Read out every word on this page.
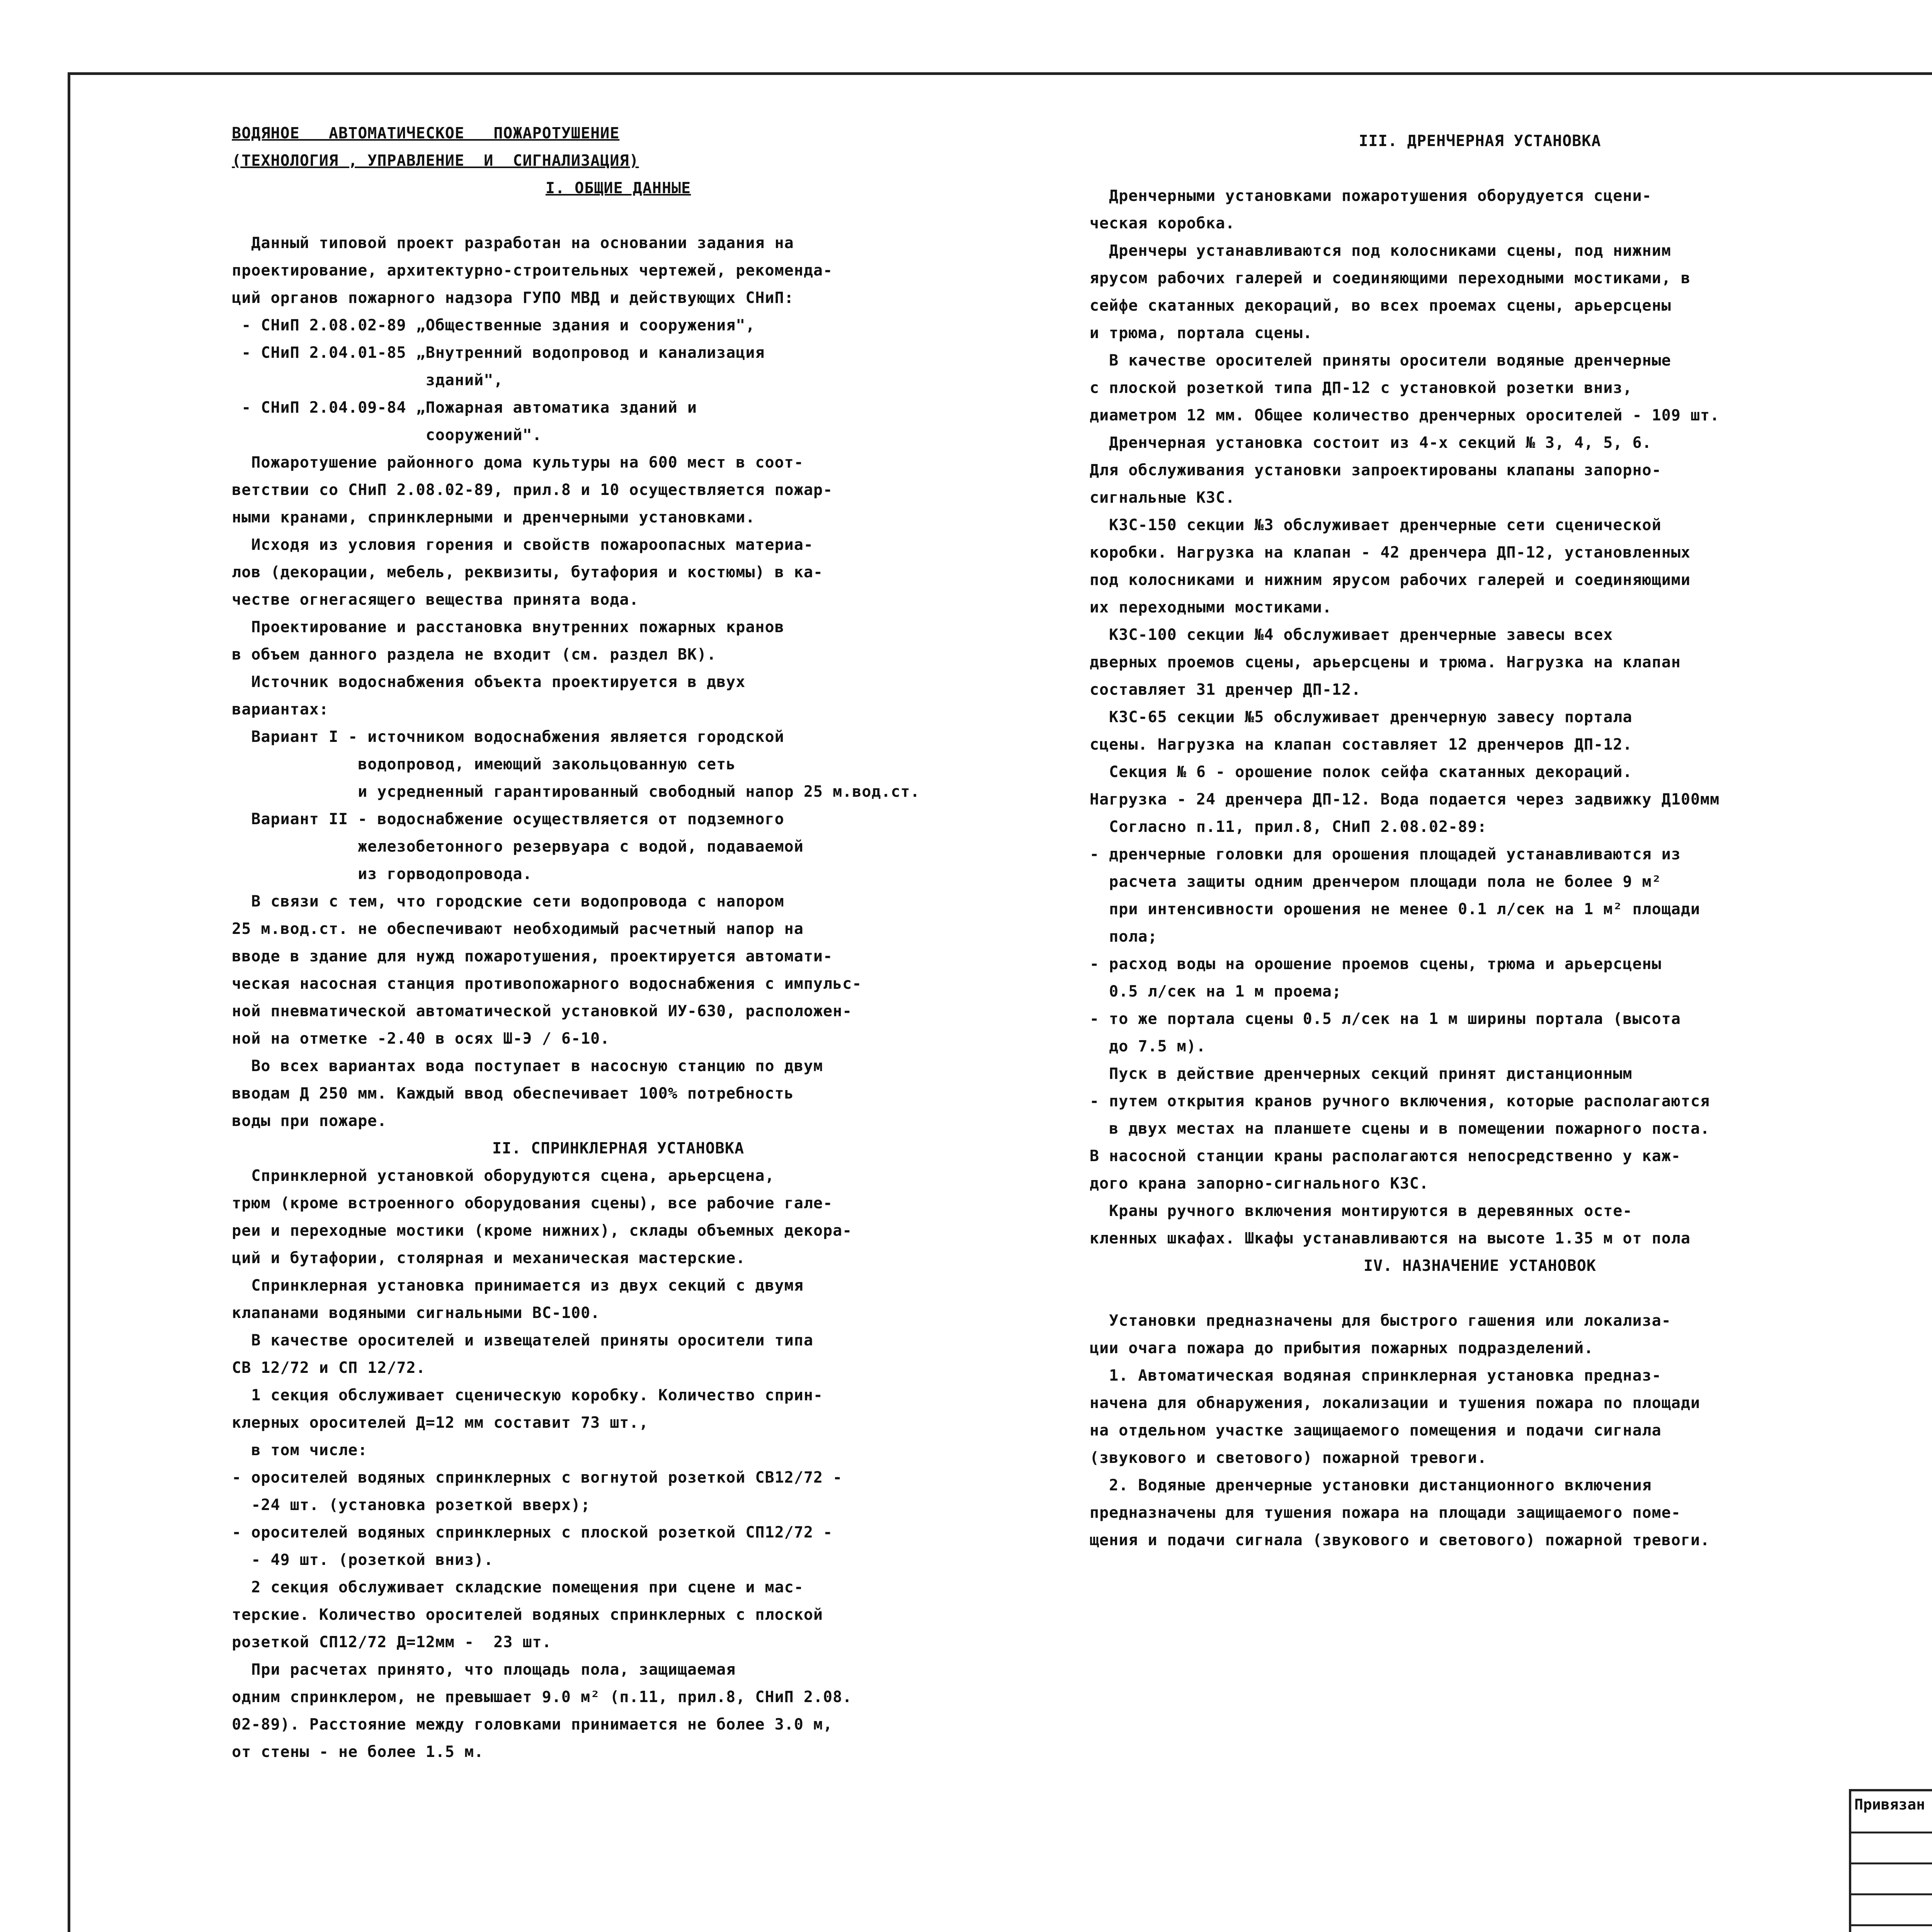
ВОДЯНОЕ   АВТОМАТИЧЕСКОЕ   ПОЖАРОТУШЕНИЕ

(ТЕХНОЛОГИЯ , УПРАВЛЕНИЕ  И  СИГНАЛИЗАЦИЯ)

I. ОБЩИЕ ДАННЫЕ

Данный типовой проект разработан на основании задания на

проектирование, архитектурно-строительных чертежей, рекоменда-

ций органов пожарного надзора ГУПО МВД и действующих СНиП:

- СНиП 2.08.02-89 „Общественные здания и сооружения",

- СНиП 2.04.01-85 „Внутренний водопровод и канализация

зданий",

- СНиП 2.04.09-84 „Пожарная автоматика зданий и

сооружений".

Пожаротушение районного дома культуры на 600 мест в соот-

ветствии со СНиП 2.08.02-89, прил.8 и 10 осуществляется пожар-

ными кранами, спринклерными и дренчерными установками.

Исходя из условия горения и свойств пожароопасных материа-

лов (декорации, мебель, реквизиты, бутафория и костюмы) в ка-

честве огнегасящего вещества принята вода.

Проектирование и расстановка внутренних пожарных кранов

в объем данного раздела не входит (см. раздел ВК).

Источник водоснабжения объекта проектируется в двух

вариантах:

Вариант I - источником водоснабжения является городской

водопровод, имеющий закольцованную сеть

и усредненный гарантированный свободный напор 25 м.вод.ст.

Вариант II - водоснабжение осуществляется от подземного

железобетонного резервуара с водой, подаваемой

из горводопровода.

В связи с тем, что городские сети водопровода с напором

25 м.вод.ст. не обеспечивают необходимый расчетный напор на

вводе в здание для нужд пожаротушения, проектируется автомати-

ческая насосная станция противопожарного водоснабжения с импульс-

ной пневматической автоматической установкой ИУ-630, расположен-

ной на отметке -2.40 в осях Ш-Э / 6-10.

Во всех вариантах вода поступает в насосную станцию по двум

вводам Д 250 мм. Каждый ввод обеспечивает 100% потребность

воды при пожаре.

II. СПРИНКЛЕРНАЯ УСТАНОВКА

Спринклерной установкой оборудуются сцена, арьерсцена,

трюм (кроме встроенного оборудования сцены), все рабочие гале-

реи и переходные мостики (кроме нижних), склады объемных декора-

ций и бутафории, столярная и механическая мастерские.

Спринклерная установка принимается из двух секций с двумя

клапанами водяными сигнальными ВС-100.

В качестве оросителей и извещателей приняты оросители типа

СВ 12/72 и СП 12/72.

1 секция обслуживает сценическую коробку. Количество сприн-

клерных оросителей Д=12 мм составит 73 шт.,

в том числе:

- оросителей водяных спринклерных с вогнутой розеткой СВ12/72 -

-24 шт. (установка розеткой вверх);

- оросителей водяных спринклерных с плоской розеткой СП12/72 -

- 49 шт. (розеткой вниз).

2 секция обслуживает складские помещения при сцене и мас-

терские. Количество оросителей водяных спринклерных с плоской

розеткой СП12/72 Д=12мм -  23 шт.

При расчетах принято, что площадь пола, защищаемая

одним спринклером, не превышает 9.0 м² (п.11, прил.8, СНиП 2.08.

02-89). Расстояние между головками принимается не более 3.0 м,

от стены - не более 1.5 м.

III. ДРЕНЧЕРНАЯ УСТАНОВКА

Дренчерными установками пожаротушения оборудуется сцени-

ческая коробка.

Дренчеры устанавливаются под колосниками сцены, под нижним

ярусом рабочих галерей и соединяющими переходными мостиками, в

сейфе скатанных декораций, во всех проемах сцены, арьерсцены

и трюма, портала сцены.

В качестве оросителей приняты оросители водяные дренчерные

с плоской розеткой типа ДП-12 с установкой розетки вниз,

диаметром 12 мм. Общее количество дренчерных оросителей - 109 шт.

Дренчерная установка состоит из 4-х секций № 3, 4, 5, 6.

Для обслуживания установки запроектированы клапаны запорно-

сигнальные КЗС.

КЗС-150 секции №3 обслуживает дренчерные сети сценической

коробки. Нагрузка на клапан - 42 дренчера ДП-12, установленных

под колосниками и нижним ярусом рабочих галерей и соединяющими

их переходными мостиками.

КЗС-100 секции №4 обслуживает дренчерные завесы всех

дверных проемов сцены, арьерсцены и трюма. Нагрузка на клапан

составляет 31 дренчер ДП-12.

КЗС-65 секции №5 обслуживает дренчерную завесу портала

сцены. Нагрузка на клапан составляет 12 дренчеров ДП-12.

Секция № 6 - орошение полок сейфа скатанных декораций.

Нагрузка - 24 дренчера ДП-12. Вода подается через задвижку Д100мм

Согласно п.11, прил.8, СНиП 2.08.02-89:

- дренчерные головки для орошения площадей устанавливаются из

расчета защиты одним дренчером площади пола не более 9 м²

при интенсивности орошения не менее 0.1 л/сек на 1 м² площади

пола;

- расход воды на орошение проемов сцены, трюма и арьерсцены

0.5 л/сек на 1 м проема;

- то же портала сцены 0.5 л/сек на 1 м ширины портала (высота

до 7.5 м).

Пуск в действие дренчерных секций принят дистанционным

- путем открытия кранов ручного включения, которые располагаются

в двух местах на планшете сцены и в помещении пожарного поста.

В насосной станции краны располагаются непосредственно у каж-

дого крана запорно-сигнального КЗС.

Краны ручного включения монтируются в деревянных осте-

кленных шкафах. Шкафы устанавливаются на высоте 1.35 м от пола

IV. НАЗНАЧЕНИЕ УСТАНОВОК

Установки предназначены для быстрого гашения или локализа-

ции очага пожара до прибытия пожарных подразделений.

1. Автоматическая водяная спринклерная установка предназ-

начена для обнаружения, локализации и тушения пожара по площади

на отдельном участке защищаемого помещения и подачи сигнала

(звукового и светового) пожарной тревоги.

2. Водяные дренчерные установки дистанционного включения

предназначены для тушения пожара на площади защищаемого поме-

щения и подачи сигнала (звукового и светового) пожарной тревоги.

Привязан
